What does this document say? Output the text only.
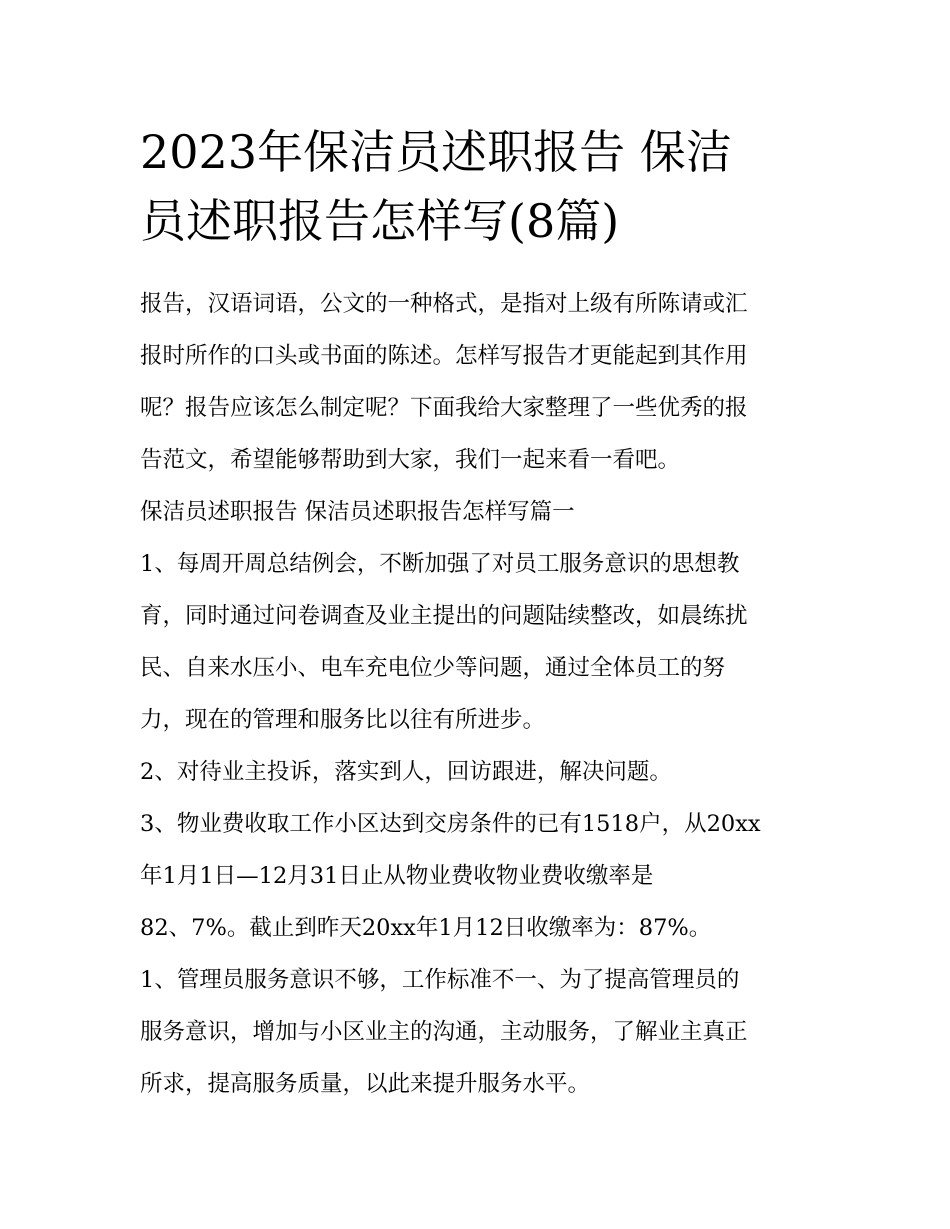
2023年保洁员述职报告 保洁
员述职报告怎样写(8篇)

报告，汉语词语，公文的一种格式，是指对上级有所陈请或汇
报时所作的口头或书面的陈述。怎样写报告才更能起到其作用
呢？报告应该怎么制定呢？下面我给大家整理了一些优秀的报
告范文，希望能够帮助到大家，我们一起来看一看吧。

保洁员述职报告 保洁员述职报告怎样写篇一

1、每周开周总结例会，不断加强了对员工服务意识的思想教
育，同时通过问卷调查及业主提出的问题陆续整改，如晨练扰
民、自来水压小、电车充电位少等问题，通过全体员工的努
力，现在的管理和服务比以往有所进步。

2、对待业主投诉，落实到人，回访跟进，解决问题。

3、物业费收取工作小区达到交房条件的已有1518户，从20xx
年1月1日—12月31日止从物业费收物业费收缴率是
82、7%。截止到昨天20xx年1月12日收缴率为：87%。

1、管理员服务意识不够，工作标准不一、为了提高管理员的
服务意识，增加与小区业主的沟通，主动服务，了解业主真正
所求，提高服务质量，以此来提升服务水平。
